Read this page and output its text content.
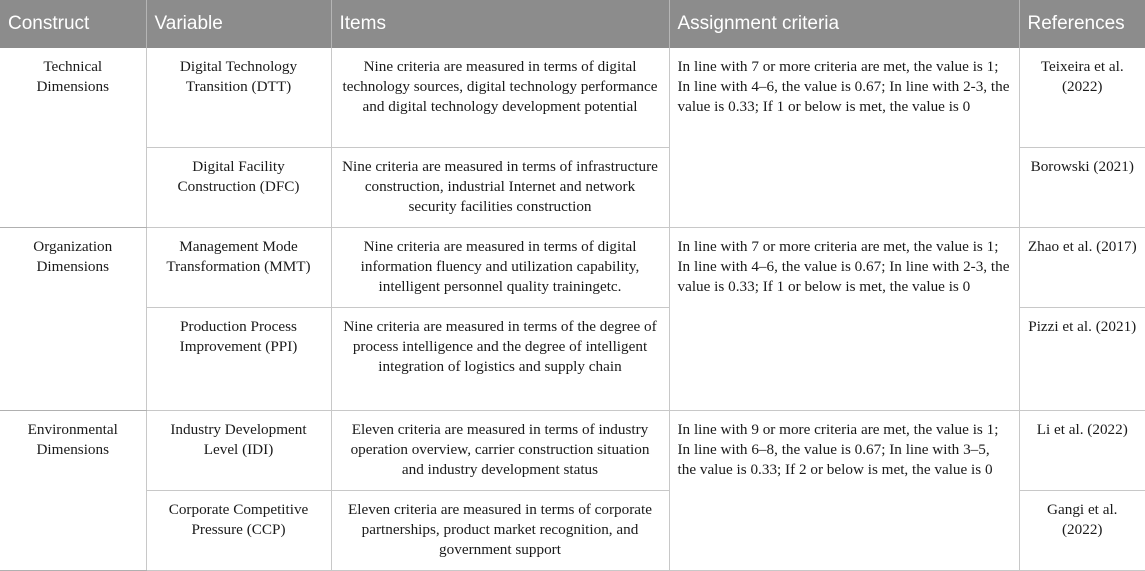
Construct	Variable	Items	Assignment criteria	References
Technical Dimensions	Digital Technology Transition (DTT)	Nine criteria are measured in terms of digital technology sources, digital technology performance and digital technology development potential	In line with 7 or more criteria are met, the value is 1; In line with 4–6, the value is 0.67; In line with 2-3, the value is 0.33; If 1 or below is met, the value is 0	Teixeira et al. (2022)
	Digital Facility Construction (DFC)	Nine criteria are measured in terms of infrastructure construction, industrial Internet and network security facilities construction		Borowski (2021)
Organization Dimensions	Management Mode Transformation (MMT)	Nine criteria are measured in terms of digital information fluency and utilization capability, intelligent personnel quality trainingetc.	In line with 7 or more criteria are met, the value is 1; In line with 4–6, the value is 0.67; In line with 2-3, the value is 0.33; If 1 or below is met, the value is 0	Zhao et al. (2017)
	Production Process Improvement (PPI)	Nine criteria are measured in terms of the degree of process intelligence and the degree of intelligent integration of logistics and supply chain		Pizzi et al. (2021)
Environmental Dimensions	Industry Development Level (IDI)	Eleven criteria are measured in terms of industry operation overview, carrier construction situation and industry development status	In line with 9 or more criteria are met, the value is 1; In line with 6–8, the value is 0.67; In line with 3–5, the value is 0.33; If 2 or below is met, the value is 0	Li et al. (2022)
	Corporate Competitive Pressure (CCP)	Eleven criteria are measured in terms of corporate partnerships, product market recognition, and government support		Gangi et al. (2022)
